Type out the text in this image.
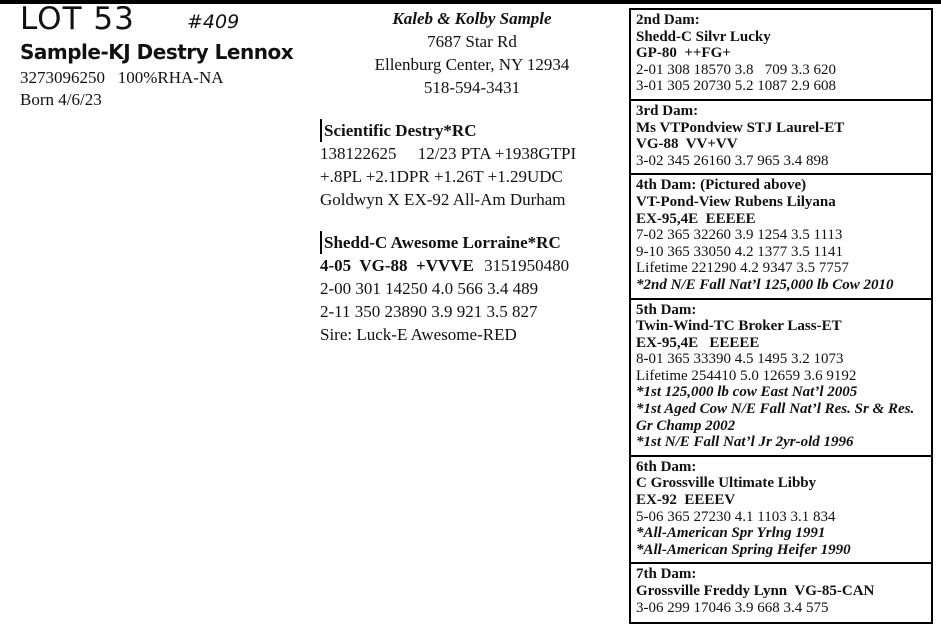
LOT 53	#409
Sample-KJ Destry Lennox
3273096250   100%RHA-NA
Born 4/6/23
Kaleb & Kolby Sample
7687 Star Rd
Ellenburg Center, NY 12934
518-594-3431
Scientific Destry*RC
138122625     12/23 PTA +1938GTPI
+.8PL +2.1DPR +1.26T +1.29UDC
Goldwyn X EX-92 All-Am Durham
Shedd-C Awesome Lorraine*RC
4-05  VG-88  +VVVE 3151950480
2-00 301 14250 4.0 566 3.4 489
2-11 350 23890 3.9 921 3.5 827
Sire: Luck-E Awesome-RED
2nd Dam:
Shedd-C Silvr Lucky
GP-80  ++FG+
2-01 308 18570 3.8   709 3.3 620
3-01 305 20730 5.2 1087 2.9 608
3rd Dam:
Ms VTPondview STJ Laurel-ET
VG-88  VV+VV
3-02 345 26160 3.7 965 3.4 898
4th Dam: (Pictured above)
VT-Pond-View Rubens Lilyana
EX-95,4E  EEEEE
7-02 365 32260 3.9 1254 3.5 1113
9-10 365 33050 4.2 1377 3.5 1141
Lifetime 221290 4.2 9347 3.5 7757
*2nd N/E Fall Nat’l 125,000 lb Cow 2010
5th Dam:
Twin-Wind-TC Broker Lass-ET
EX-95,4E   EEEEE
8-01 365 33390 4.5 1495 3.2 1073
Lifetime 254410 5.0 12659 3.6 9192
*1st 125,000 lb cow East Nat’l 2005
*1st Aged Cow N/E Fall Nat’l Res. Sr & Res. Gr Champ 2002
*1st N/E Fall Nat’l Jr 2yr-old 1996
6th Dam:
C Grossville Ultimate Libby
EX-92  EEEEV
5-06 365 27230 4.1 1103 3.1 834
*All-American Spr Yrlng 1991
*All-American Spring Heifer 1990
7th Dam:
Grossville Freddy Lynn  VG-85-CAN
3-06 299 17046 3.9 668 3.4 575
